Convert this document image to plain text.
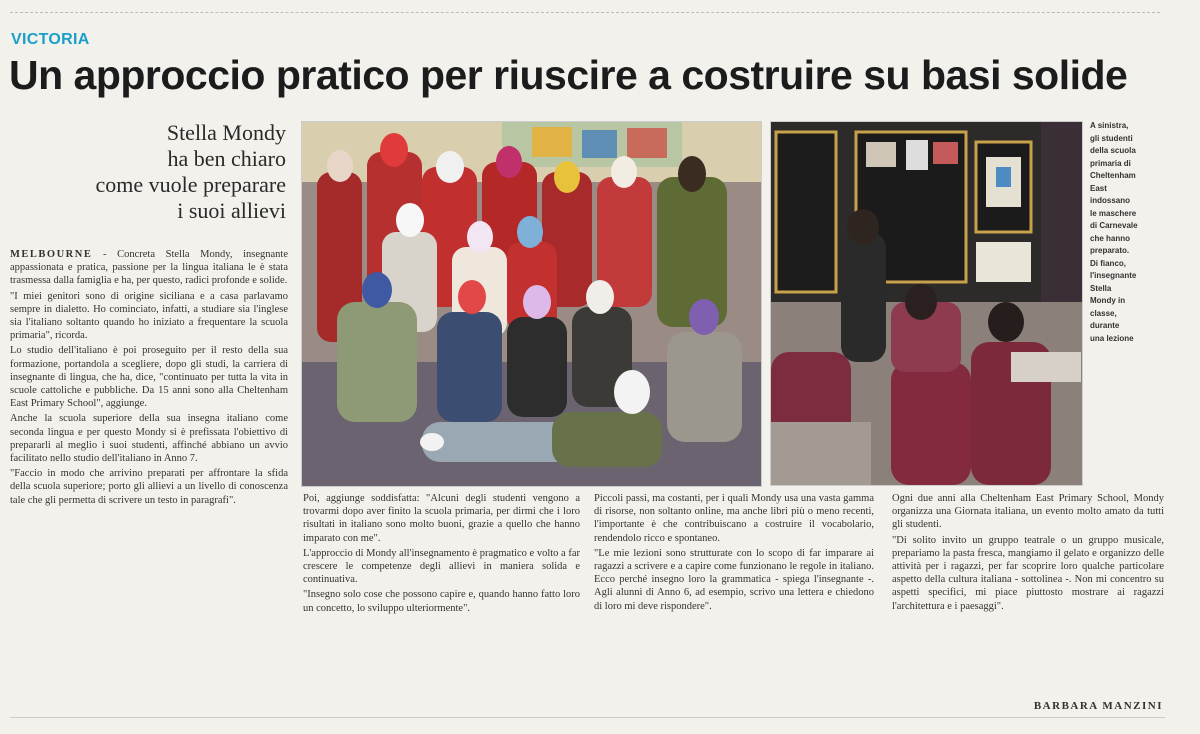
VICTORIA
Un approccio pratico per riuscire a costruire su basi solide
Stella Mondy
ha ben chiaro
come vuole preparare
i suoi allievi
A sinistra,
gli studenti
della scuola
primaria di
Cheltenham
East
indossano
le maschere
di Carnevale
che hanno
preparato.
Di fianco,
l'insegnante
Stella
Mondy in
classe,
durante
una lezione

MELBOURNE - Concreta Stella Mondy, insegnante appassionata e pratica, passione per la lingua italiana le è stata trasmessa dalla famiglia e ha, per questo, radici profonde e solide.

"I miei genitori sono di origine siciliana e a casa parlavamo sempre in dialetto. Ho cominciato, infatti, a studiare sia l'inglese sia l'italiano soltanto quando ho iniziato a frequentare la scuola primaria", ricorda.

Lo studio dell'italiano è poi proseguito per il resto della sua formazione, portandola a scegliere, dopo gli studi, la carriera di insegnante di lingua, che ha, dice, "continuato per tutta la vita in scuole cattoliche e pubbliche. Da 15 anni sono alla Cheltenham East Primary School", aggiunge.

Anche la scuola superiore della sua insegna italiano come seconda lingua e per questo Mondy si è prefissata l'obiettivo di prepararli al meglio i suoi studenti, affinché abbiano un avvio facilitato nello studio dell'italiano in Anno 7.

"Faccio in modo che arrivino preparati per affrontare la sfida della scuola superiore; porto gli allievi a un livello di conoscenza tale che gli permetta di scrivere un testo in paragrafi".	Poi, aggiunge soddisfatta: "Alcuni degli studenti vengono a trovarmi dopo aver finito la scuola primaria, per dirmi che i loro risultati in italiano sono molto buoni, grazie a quello che hanno imparato con me".

L'approccio di Mondy all'insegnamento è pragmatico e volto a far crescere le competenze degli allievi in maniera solida e continuativa.

"Insegno solo cose che possono capire e, quando hanno fatto loro un concetto, lo sviluppo ulteriormente".

Piccoli passi, ma costanti, per i quali Mondy usa una vasta gamma di risorse, non soltanto online, ma anche libri più o meno recenti, l'importante è che contribuiscano a costruire il vocabolario, rendendolo ricco e spontaneo.

"Le mie lezioni sono strutturate con lo scopo di far imparare ai ragazzi a scrivere e a capire come funzionano le regole in italiano. Ecco perché insegno loro la grammatica - spiega l'insegnante -. Agli alunni di Anno 6, ad esempio, scrivo una lettera e chiedono di loro mi deve rispondere".

Ogni due anni alla Cheltenham East Primary School, Mondy organizza una Giornata italiana, un evento molto amato da tutti gli studenti.

"Di solito invito un gruppo teatrale o un gruppo musicale, prepariamo la pasta fresca, mangiamo il gelato e organizzo delle attività per i ragazzi, per far scoprire loro qualche particolare aspetto della cultura italiana - sottolinea -. Non mi concentro su aspetti specifici, mi piace piuttosto mostrare ai ragazzi l'architettura e i paesaggi".

BARBARA MANZINI
